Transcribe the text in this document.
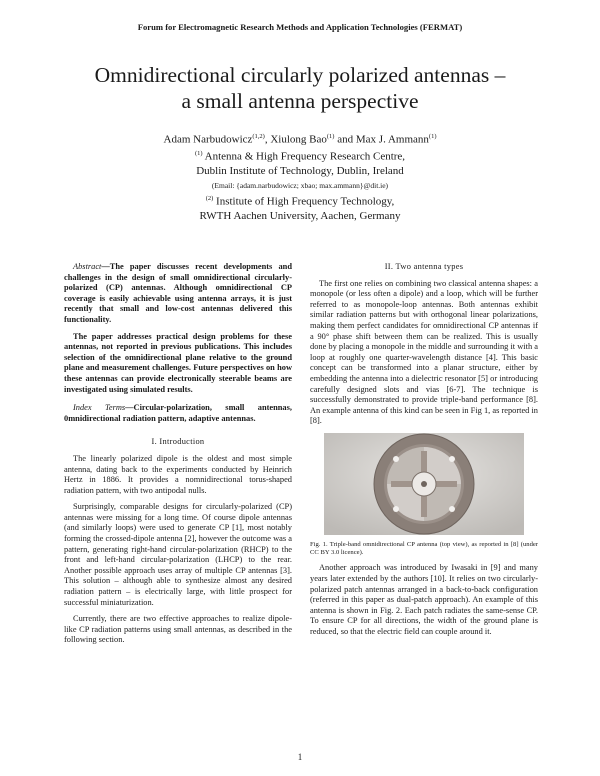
Forum for Electromagnetic Research Methods and Application Technologies (FERMAT)
Omnidirectional circularly polarized antennas –
a small antenna perspective
Adam Narbudowicz$^{(1,2)}$, Xiulong Bao$^{(1)}$ and Max J. Ammann$^{(1)}$
$^{(1)}$ Antenna & High Frequency Research Centre,
Dublin Institute of Technology, Dublin, Ireland
(Email: {adam.narbudowicz; xbao; max.ammann}@dit.ie)
$^{(2)}$ Institute of High Frequency Technology,
RWTH Aachen University, Aachen, Germany

Abstract—The paper discusses recent developments and challenges in the design of small omnidirectional circularly-polarized (CP) antennas. Although omnidirectional CP coverage is easily achievable using antenna arrays, it is just recently that small and low-cost antennas delivered this functionality.

The paper addresses practical design problems for these antennas, not reported in previous publications. This includes selection of the omnidirectional plane relative to the ground plane and measurement challenges. Future perspectives on how these antennas can provide electronically steerable beams are investigated using simulated results.

Index Terms—Circular-polarization, small antennas, 0mnidirectional radiation pattern, adaptive antennas.

I. Introduction

The linearly polarized dipole is the oldest and most simple antenna, dating back to the experiments conducted by Heinrich Hertz in 1886. It provides a nomnidirectional torus-shaped radiation pattern, with two antipodal nulls.

Surprisingly, comparable designs for circularly-polarized (CP) antennas were missing for a long time. Of course dipole antennas (and similarly loops) were used to generate CP [1], most notably forming the crossed-dipole antenna [2], however the outcome was a pattern, generating right-hand circular-polarization (RHCP) to the front and left-hand circular-polarization (LHCP) to the rear. Another possible approach uses array of multiple CP antennas [3]. This solution – although able to synthesize almost any desired radiation pattern – is electrically large, with little prospect for successful miniaturization.

Currently, there are two effective approaches to realize dipole-like CP radiation patterns using small antennas, as described in the following section.

II. Two antenna types

The first one relies on combining two classical antenna shapes: a monopole (or less often a dipole) and a loop, which will be further referred to as monopole-loop antennas. Both antennas exhibit similar radiation patterns but with orthogonal linear polarizations, making them perfect candidates for omnidirectional CP antennas if a 90° phase shift between them can be realized. This is usually done by placing a monopole in the middle and surrounding it with a loop at roughly one quarter-wavelength distance [4]. This basic concept can be transformed into a planar structure, either by embedding the antenna into a dielectric resonator [5] or introducing carefully designed slots and vias [6-7]. The technique is successfully demonstrated to provide triple-band performance [8]. An example antenna of this kind can be seen in Fig 1, as reported in [8].

Fig. 1. Triple-band omnidirectional CP antenna (top view), as reported in [8] (under CC BY 3.0 licence).

Another approach was introduced by Iwasaki in [9] and many years later extended by the authors [10]. It relies on two circularly-polarized patch antennas arranged in a back-to-back configuration (referred in this paper as dual-patch approach). An example of this antenna is shown in Fig. 2. Each patch radiates the same-sense CP. To ensure CP for all directions, the width of the ground plane is reduced, so that the electric field can couple around it.

1
